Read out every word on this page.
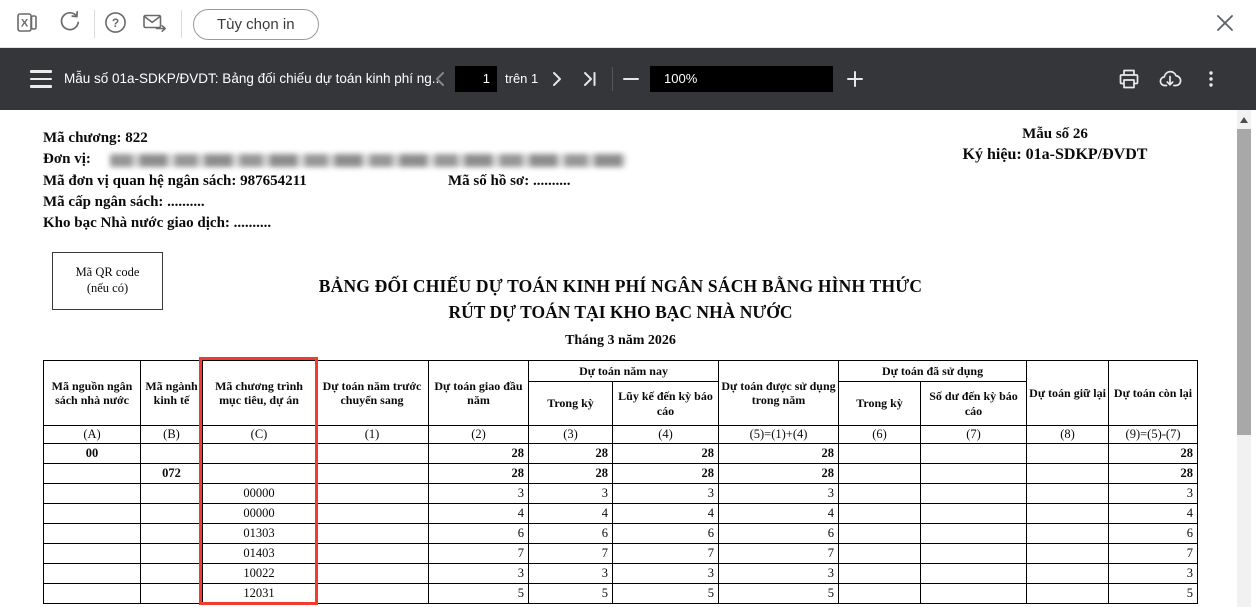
X	?	Tùy chọn in
Mẫu số 01a-SDKP/ĐVDT: Bảng đối chiếu dự toán kinh phí ng..	1	trên 1	100%
Mã chương: 822
Đơn vị:
Mã đơn vị quan hệ ngân sách: 987654211	Mã số hồ sơ: ..........
Mã cấp ngân sách: ..........
Kho bạc Nhà nước giao dịch: ..........
Mẫu số 26
Ký hiệu: 01a-SDKP/ĐVDT
Mã QR code
(nếu có)	BẢNG ĐỐI CHIẾU DỰ TOÁN KINH PHÍ NGÂN SÁCH BẰNG HÌNH THỨC
RÚT DỰ TOÁN TẠI KHO BẠC NHÀ NƯỚC
Tháng 3 năm 2026
Mã nguồn ngân sách nhà nước	Mã ngành kinh tế	Mã chương trình mục tiêu, dự án	Dự toán năm trước chuyển sang	Dự toán giao đầu năm	Dự toán năm nay		Dự toán được sử dụng trong năm	Dự toán đã sử dụng		Dự toán giữ lại	Dự toán còn lại
					Trong kỳ	Lũy kế đến kỳ báo cáo		Trong kỳ	Số dư đến kỳ báo cáo		
(A)	(B)	(C)	(1)	(2)	(3)	(4)	(5)=(1)+(4)	(6)	(7)	(8)	(9)=(5)-(7)
00				28	28	28	28				28
	072			28	28	28	28				28
		00000		3	3	3	3				3
		00000		4	4	4	4				4
		01303		6	6	6	6				6
		01403		7	7	7	7				7
		10022		3	3	3	3				3
		12031		5	5	5	5				5
